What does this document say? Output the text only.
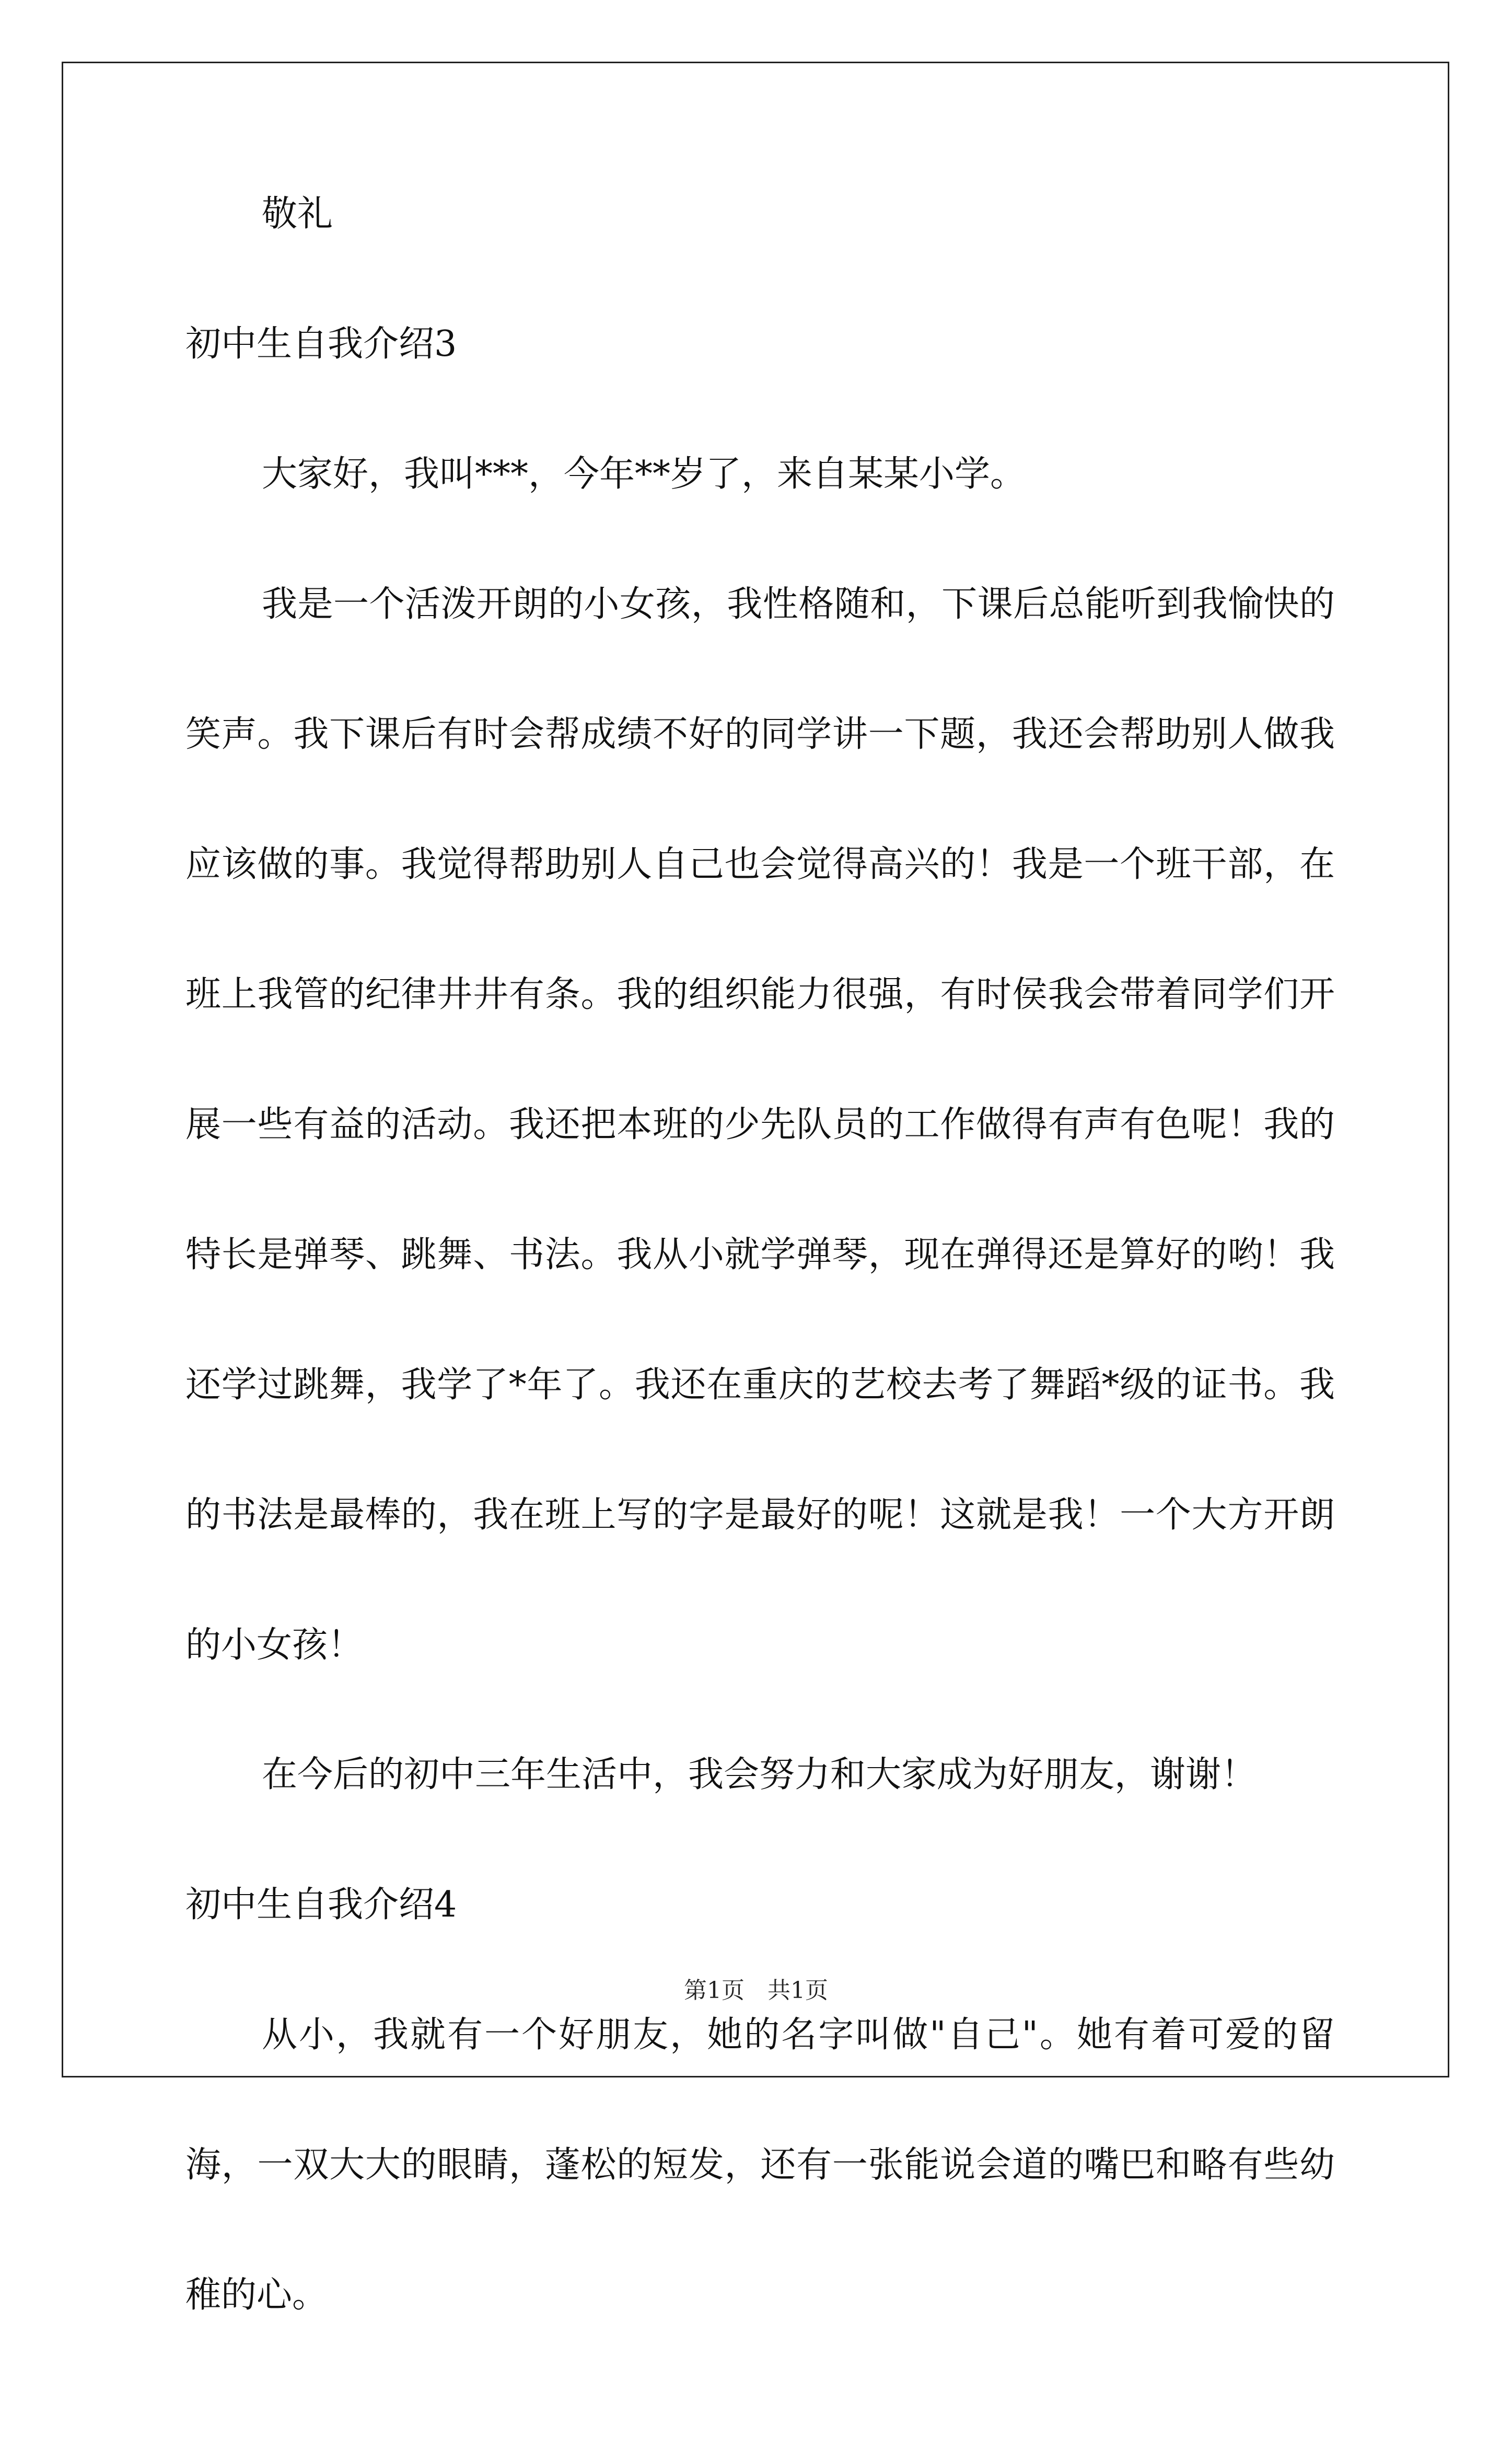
敬礼
初中生自我介绍3
大家好，我叫***，今年**岁了，来自某某小学。
我是一个活泼开朗的小女孩，我性格随和，下课后总能听到我愉快的笑声。我下课后有时会帮成绩不好的同学讲一下题，我还会帮助别人做我应该做的事。我觉得帮助别人自己也会觉得高兴的！我是一个班干部，在班上我管的纪律井井有条。我的组织能力很强，有时侯我会带着同学们开展一些有益的活动。我还把本班的少先队员的工作做得有声有色呢！我的特长是弹琴、跳舞、书法。我从小就学弹琴，现在弹得还是算好的哟！我还学过跳舞，我学了*年了。我还在重庆的艺校去考了舞蹈*级的证书。我的书法是最棒的，我在班上写的字是最好的呢！这就是我！一个大方开朗的小女孩！
在今后的初中三年生活中，我会努力和大家成为好朋友，谢谢！
初中生自我介绍4
从小，我就有一个好朋友，她的名字叫做"自己"。她有着可爱的留海，一双大大的眼睛，蓬松的短发，还有一张能说会道的嘴巴和略有些幼稚的心。
第1页　共1页
